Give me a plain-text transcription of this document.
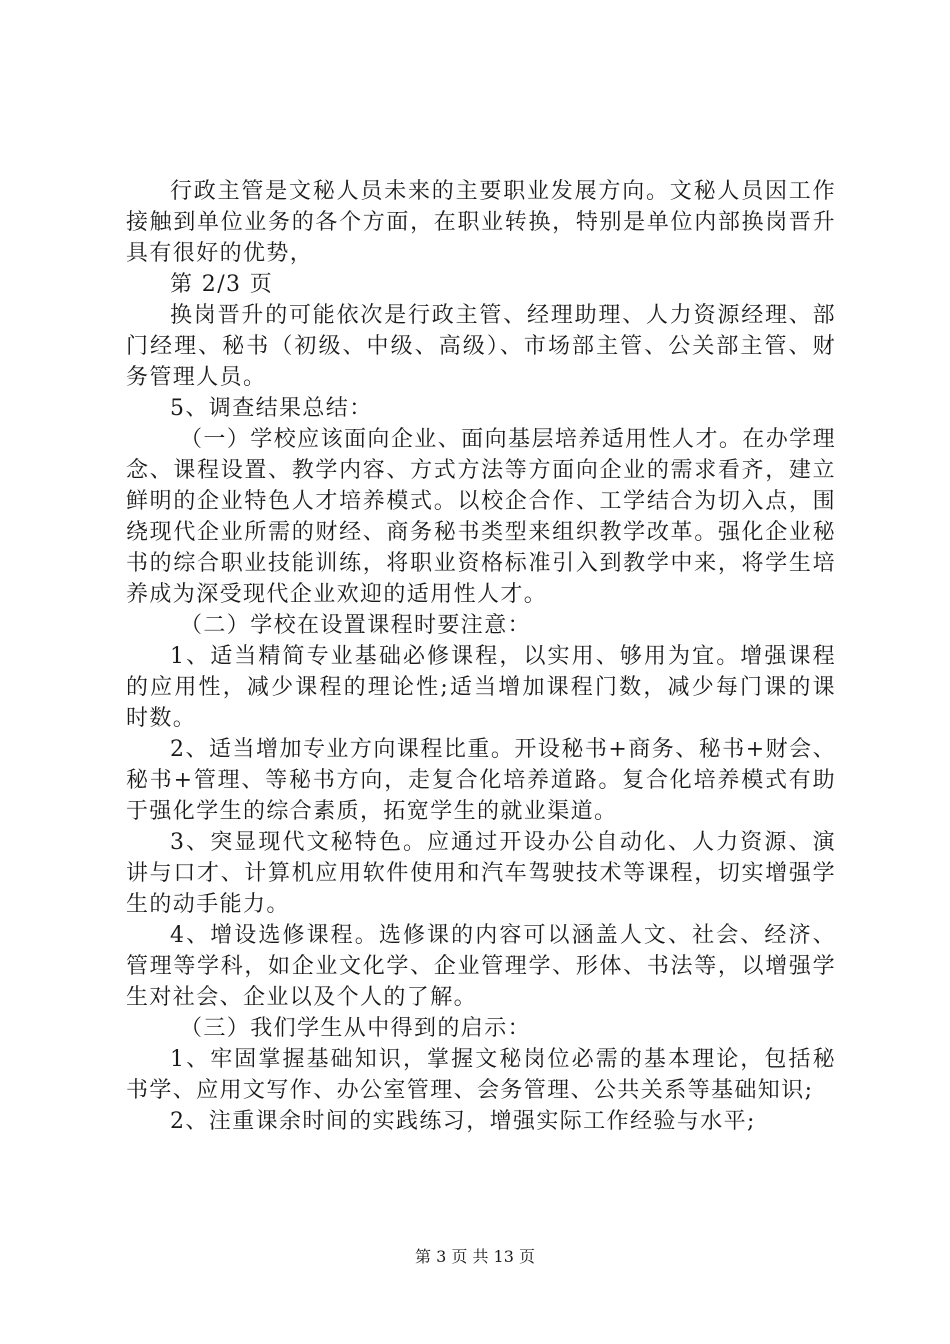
行政主管是文秘人员未来的主要职业发展方向。文秘人员因工作接触到单位业务的各个方面，在职业转换，特别是单位内部换岗晋升具有很好的优势，

第 2/3 页

换岗晋升的可能依次是行政主管、经理助理、人力资源经理、部门经理、秘书（初级、中级、高级）、市场部主管、公关部主管、财务管理人员。

5、调查结果总结：

（一）学校应该面向企业、面向基层培养适用性人才。在办学理念、课程设置、教学内容、方式方法等方面向企业的需求看齐，建立鲜明的企业特色人才培养模式。以校企合作、工学结合为切入点，围绕现代企业所需的财经、商务秘书类型来组织教学改革。强化企业秘书的综合职业技能训练，将职业资格标准引入到教学中来，将学生培养成为深受现代企业欢迎的适用性人才。

（二）学校在设置课程时要注意：

1、适当精简专业基础必修课程，以实用、够用为宜。增强课程的应用性，减少课程的理论性;适当增加课程门数，减少每门课的课时数。

2、适当增加专业方向课程比重。开设秘书+商务、秘书+财会、秘书+管理、等秘书方向，走复合化培养道路。复合化培养模式有助于强化学生的综合素质，拓宽学生的就业渠道。

3、突显现代文秘特色。应通过开设办公自动化、人力资源、演讲与口才、计算机应用软件使用和汽车驾驶技术等课程，切实增强学生的动手能力。

4、增设选修课程。选修课的内容可以涵盖人文、社会、经济、管理等学科，如企业文化学、企业管理学、形体、书法等，以增强学生对社会、企业以及个人的了解。

（三）我们学生从中得到的启示：

1、牢固掌握基础知识，掌握文秘岗位必需的基本理论，包括秘书学、应用文写作、办公室管理、会务管理、公共关系等基础知识;

2、注重课余时间的实践练习，增强实际工作经验与水平;

第 3 页 共 13 页
